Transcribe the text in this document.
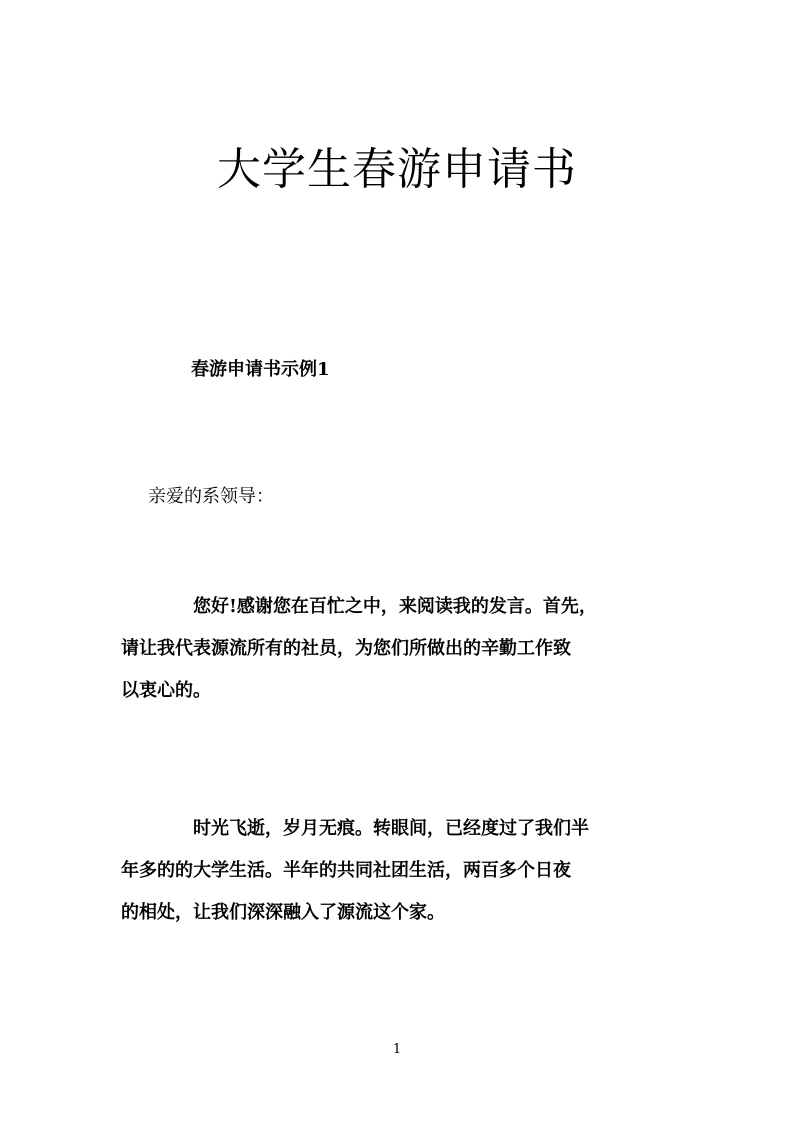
大学生春游申请书
春游申请书示例1
亲爱的系领导：
您好!感谢您在百忙之中，来阅读我的发言。首先，
请让我代表源流所有的社员，为您们所做出的辛勤工作致
以衷心的。
时光飞逝，岁月无痕。转眼间，已经度过了我们半
年多的的大学生活。半年的共同社团生活，两百多个日夜
的相处，让我们深深融入了源流这个家。
1
